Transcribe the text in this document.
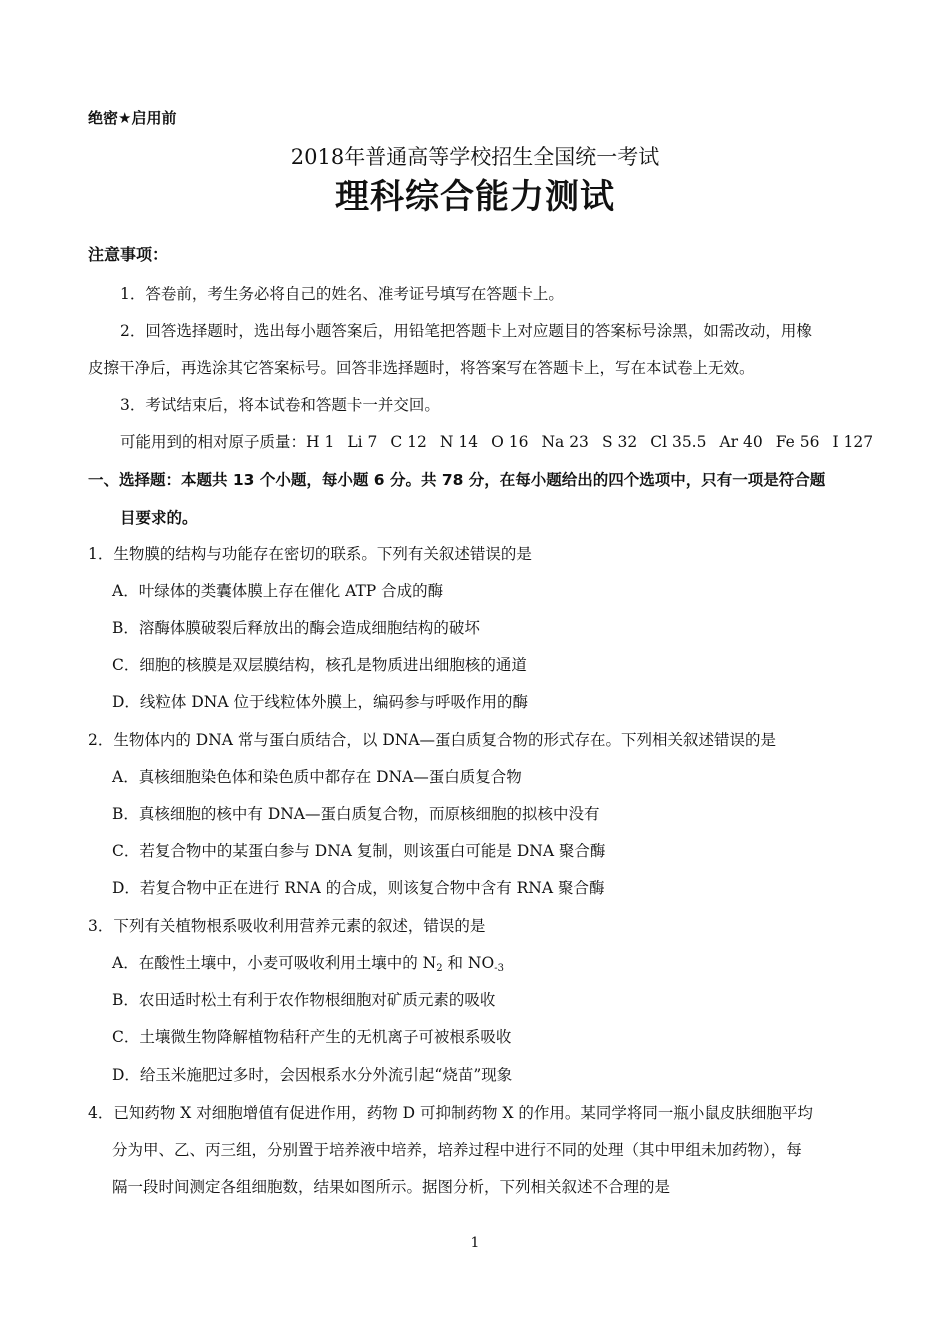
绝密★启用前
2018年普通高等学校招生全国统一考试
理科综合能力测试
注意事项：
1．答卷前，考生务必将自己的姓名、准考证号填写在答题卡上。
2．回答选择题时，选出每小题答案后，用铅笔把答题卡上对应题目的答案标号涂黑，如需改动，用橡
皮擦干净后，再选涂其它答案标号。回答非选择题时，将答案写在答题卡上，写在本试卷上无效。
3．考试结束后，将本试卷和答题卡一并交回。
可能用到的相对原子质量：H 1 Li 7 C 12 N 14 O 16 Na 23 S 32 Cl 35.5 Ar 40 Fe 56 I 127
一、选择题：本题共 13 个小题，每小题 6 分。共 78 分，在每小题给出的四个选项中，只有一项是符合题
目要求的。
1．生物膜的结构与功能存在密切的联系。下列有关叙述错误的是
A．叶绿体的类囊体膜上存在催化 ATP 合成的酶
B．溶酶体膜破裂后释放出的酶会造成细胞结构的破坏
C．细胞的核膜是双层膜结构，核孔是物质进出细胞核的通道
D．线粒体 DNA 位于线粒体外膜上，编码参与呼吸作用的酶
2．生物体内的 DNA 常与蛋白质结合，以 DNA—蛋白质复合物的形式存在。下列相关叙述错误的是
A．真核细胞染色体和染色质中都存在 DNA—蛋白质复合物
B．真核细胞的核中有 DNA—蛋白质复合物，而原核细胞的拟核中没有
C．若复合物中的某蛋白参与 DNA 复制，则该蛋白可能是 DNA 聚合酶
D．若复合物中正在进行 RNA 的合成，则该复合物中含有 RNA 聚合酶
3．下列有关植物根系吸收利用营养元素的叙述，错误的是
A．在酸性土壤中，小麦可吸收利用土壤中的 $N_2$ 和 $NO_{-3}$
B．农田适时松土有利于农作物根细胞对矿质元素的吸收
C．土壤微生物降解植物秸秆产生的无机离子可被根系吸收
D．给玉米施肥过多时，会因根系水分外流引起“烧苗”现象
4．已知药物 X 对细胞增值有促进作用，药物 D 可抑制药物 X 的作用。某同学将同一瓶小鼠皮肤细胞平均
分为甲、乙、丙三组，分别置于培养液中培养，培养过程中进行不同的处理（其中甲组未加药物），每
隔一段时间测定各组细胞数，结果如图所示。据图分析，下列相关叙述不合理的是
1
